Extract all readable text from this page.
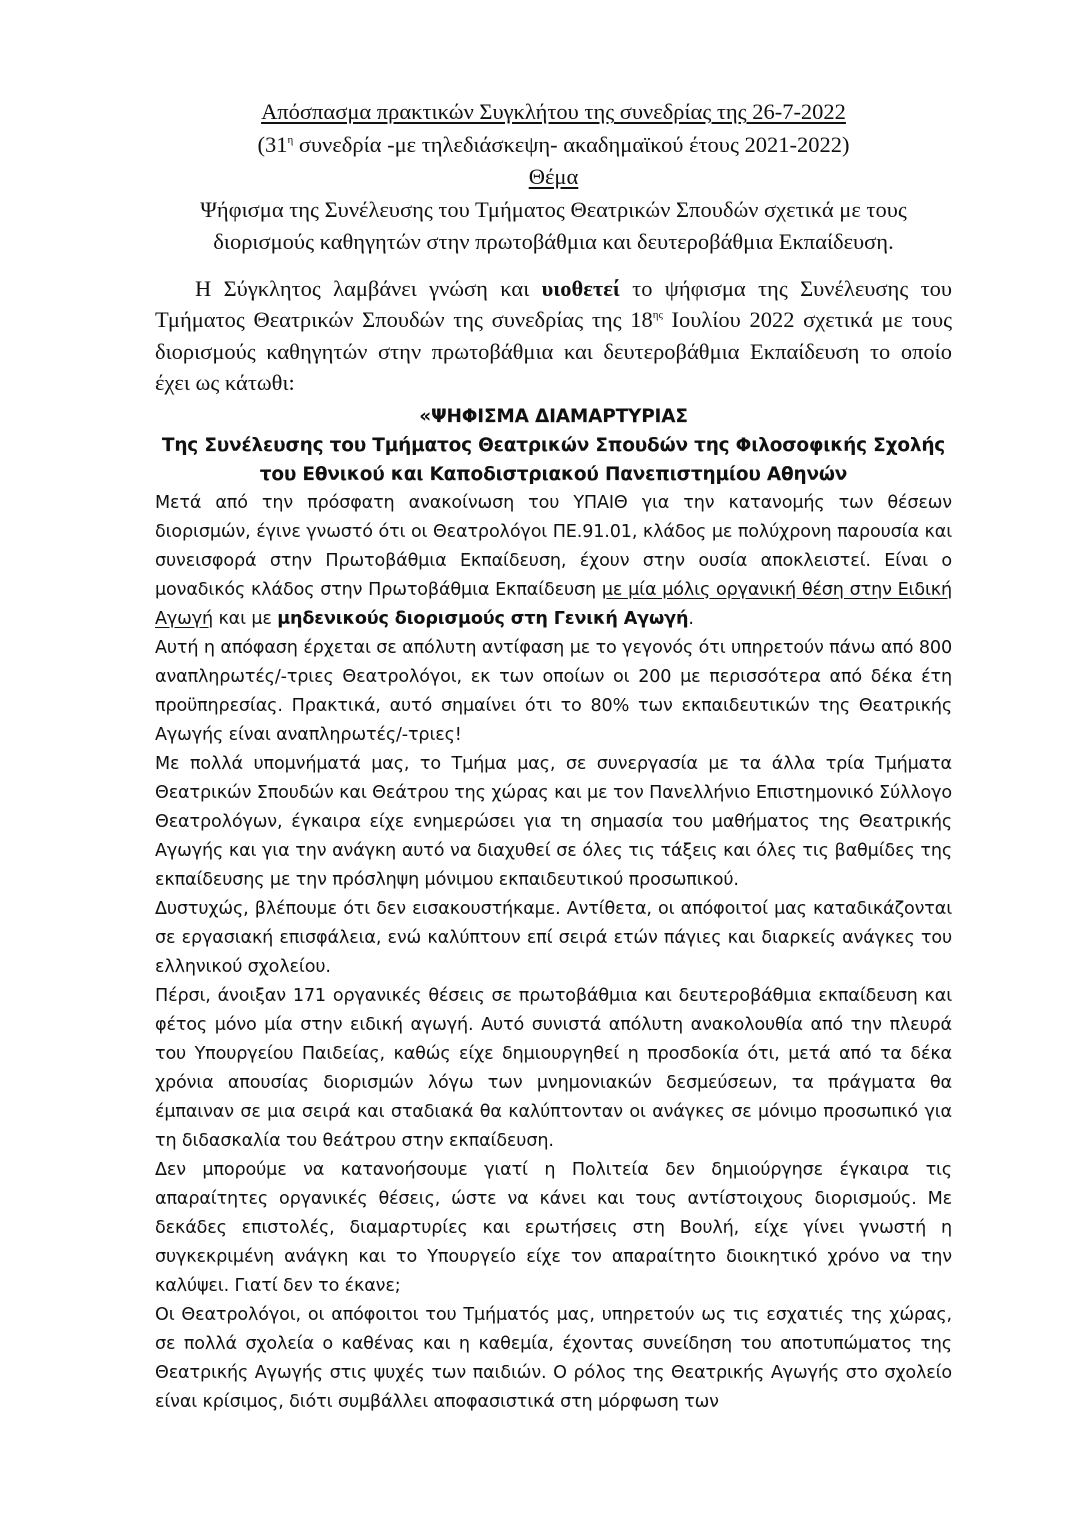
Απόσπασμα πρακτικών Συγκλήτου της συνεδρίας της 26-7-2022
($31^\eta$ συνεδρία -με τηλεδιάσκεψη- ακαδημαϊκού έτους 2021-2022)
Θέμα
Ψήφισμα της Συνέλευσης του Τμήματος Θεατρικών Σπουδών σχετικά με τους διορισμούς καθηγητών στην πρωτοβάθμια και δευτεροβάθμια Εκπαίδευση.
Η Σύγκλητος λαμβάνει γνώση και υιοθετεί το ψήφισμα της Συνέλευσης του Τμήματος Θεατρικών Σπουδών της συνεδρίας της $18^{\eta\varsigma}$ Ιουλίου 2022 σχετικά με τους διορισμούς καθηγητών στην πρωτοβάθμια και δευτεροβάθμια Εκπαίδευση το οποίο έχει ως κάτωθι:
«ΨΗΦΙΣΜΑ ΔΙΑΜΑΡΤΥΡΙΑΣ
Της Συνέλευσης του Τμήματος Θεατρικών Σπουδών της Φιλοσοφικής Σχολής
του Εθνικού και Καποδιστριακού Πανεπιστημίου Αθηνών

Μετά από την πρόσφατη ανακοίνωση του ΥΠΑΙΘ για την κατανομής των θέσεων διορισμών, έγινε γνωστό ότι οι Θεατρολόγοι ΠΕ.91.01, κλάδος με πολύχρονη παρουσία και συνεισφορά στην Πρωτοβάθμια Εκπαίδευση, έχουν στην ουσία αποκλειστεί. Είναι ο μοναδικός κλάδος στην Πρωτοβάθμια Εκπαίδευση με μία μόλις οργανική θέση στην Ειδική Αγωγή και με μηδενικούς διορισμούς στη Γενική Αγωγή.

Αυτή η απόφαση έρχεται σε απόλυτη αντίφαση με το γεγονός ότι υπηρετούν πάνω από 800 αναπληρωτές/-τριες Θεατρολόγοι, εκ των οποίων οι 200 με περισσότερα από δέκα έτη προϋπηρεσίας. Πρακτικά, αυτό σημαίνει ότι το 80% των εκπαιδευτικών της Θεατρικής Αγωγής είναι αναπληρωτές/-τριες!

Με πολλά υπομνήματά μας, το Τμήμα μας, σε συνεργασία με τα άλλα τρία Τμήματα Θεατρικών Σπουδών και Θεάτρου της χώρας και με τον Πανελλήνιο Επιστημονικό Σύλλογο Θεατρολόγων, έγκαιρα είχε ενημερώσει για τη σημασία του μαθήματος της Θεατρικής Αγωγής και για την ανάγκη αυτό να διαχυθεί σε όλες τις τάξεις και όλες τις βαθμίδες της εκπαίδευσης με την πρόσληψη μόνιμου εκπαιδευτικού προσωπικού.

Δυστυχώς, βλέπουμε ότι δεν εισακουστήκαμε. Αντίθετα, οι απόφοιτοί μας καταδικάζονται σε εργασιακή επισφάλεια, ενώ καλύπτουν επί σειρά ετών πάγιες και διαρκείς ανάγκες του ελληνικού σχολείου.

Πέρσι, άνοιξαν 171 οργανικές θέσεις σε πρωτοβάθμια και δευτεροβάθμια εκπαίδευση και φέτος μόνο μία στην ειδική αγωγή. Αυτό συνιστά απόλυτη ανακολουθία από την πλευρά του Υπουργείου Παιδείας, καθώς είχε δημιουργηθεί η προσδοκία ότι, μετά από τα δέκα χρόνια απουσίας διορισμών λόγω των μνημονιακών δεσμεύσεων, τα πράγματα θα έμπαιναν σε μια σειρά και σταδιακά θα καλύπτονταν οι ανάγκες σε μόνιμο προσωπικό για τη διδασκαλία του θεάτρου στην εκπαίδευση.

Δεν μπορούμε να κατανοήσουμε γιατί η Πολιτεία δεν δημιούργησε έγκαιρα τις απαραίτητες οργανικές θέσεις, ώστε να κάνει και τους αντίστοιχους διορισμούς. Με δεκάδες επιστολές, διαμαρτυρίες και ερωτήσεις στη Βουλή, είχε γίνει γνωστή η συγκεκριμένη ανάγκη και το Υπουργείο είχε τον απαραίτητο διοικητικό χρόνο να την καλύψει. Γιατί δεν το έκανε;

Οι Θεατρολόγοι, οι απόφοιτοι του Τμήματός μας, υπηρετούν ως τις εσχατιές της χώρας, σε πολλά σχολεία ο καθένας και η καθεμία, έχοντας συνείδηση του αποτυπώματος της Θεατρικής Αγωγής στις ψυχές των παιδιών. Ο ρόλος της Θεατρικής Αγωγής στο σχολείο είναι κρίσιμος, διότι συμβάλλει αποφασιστικά στη μόρφωση των
